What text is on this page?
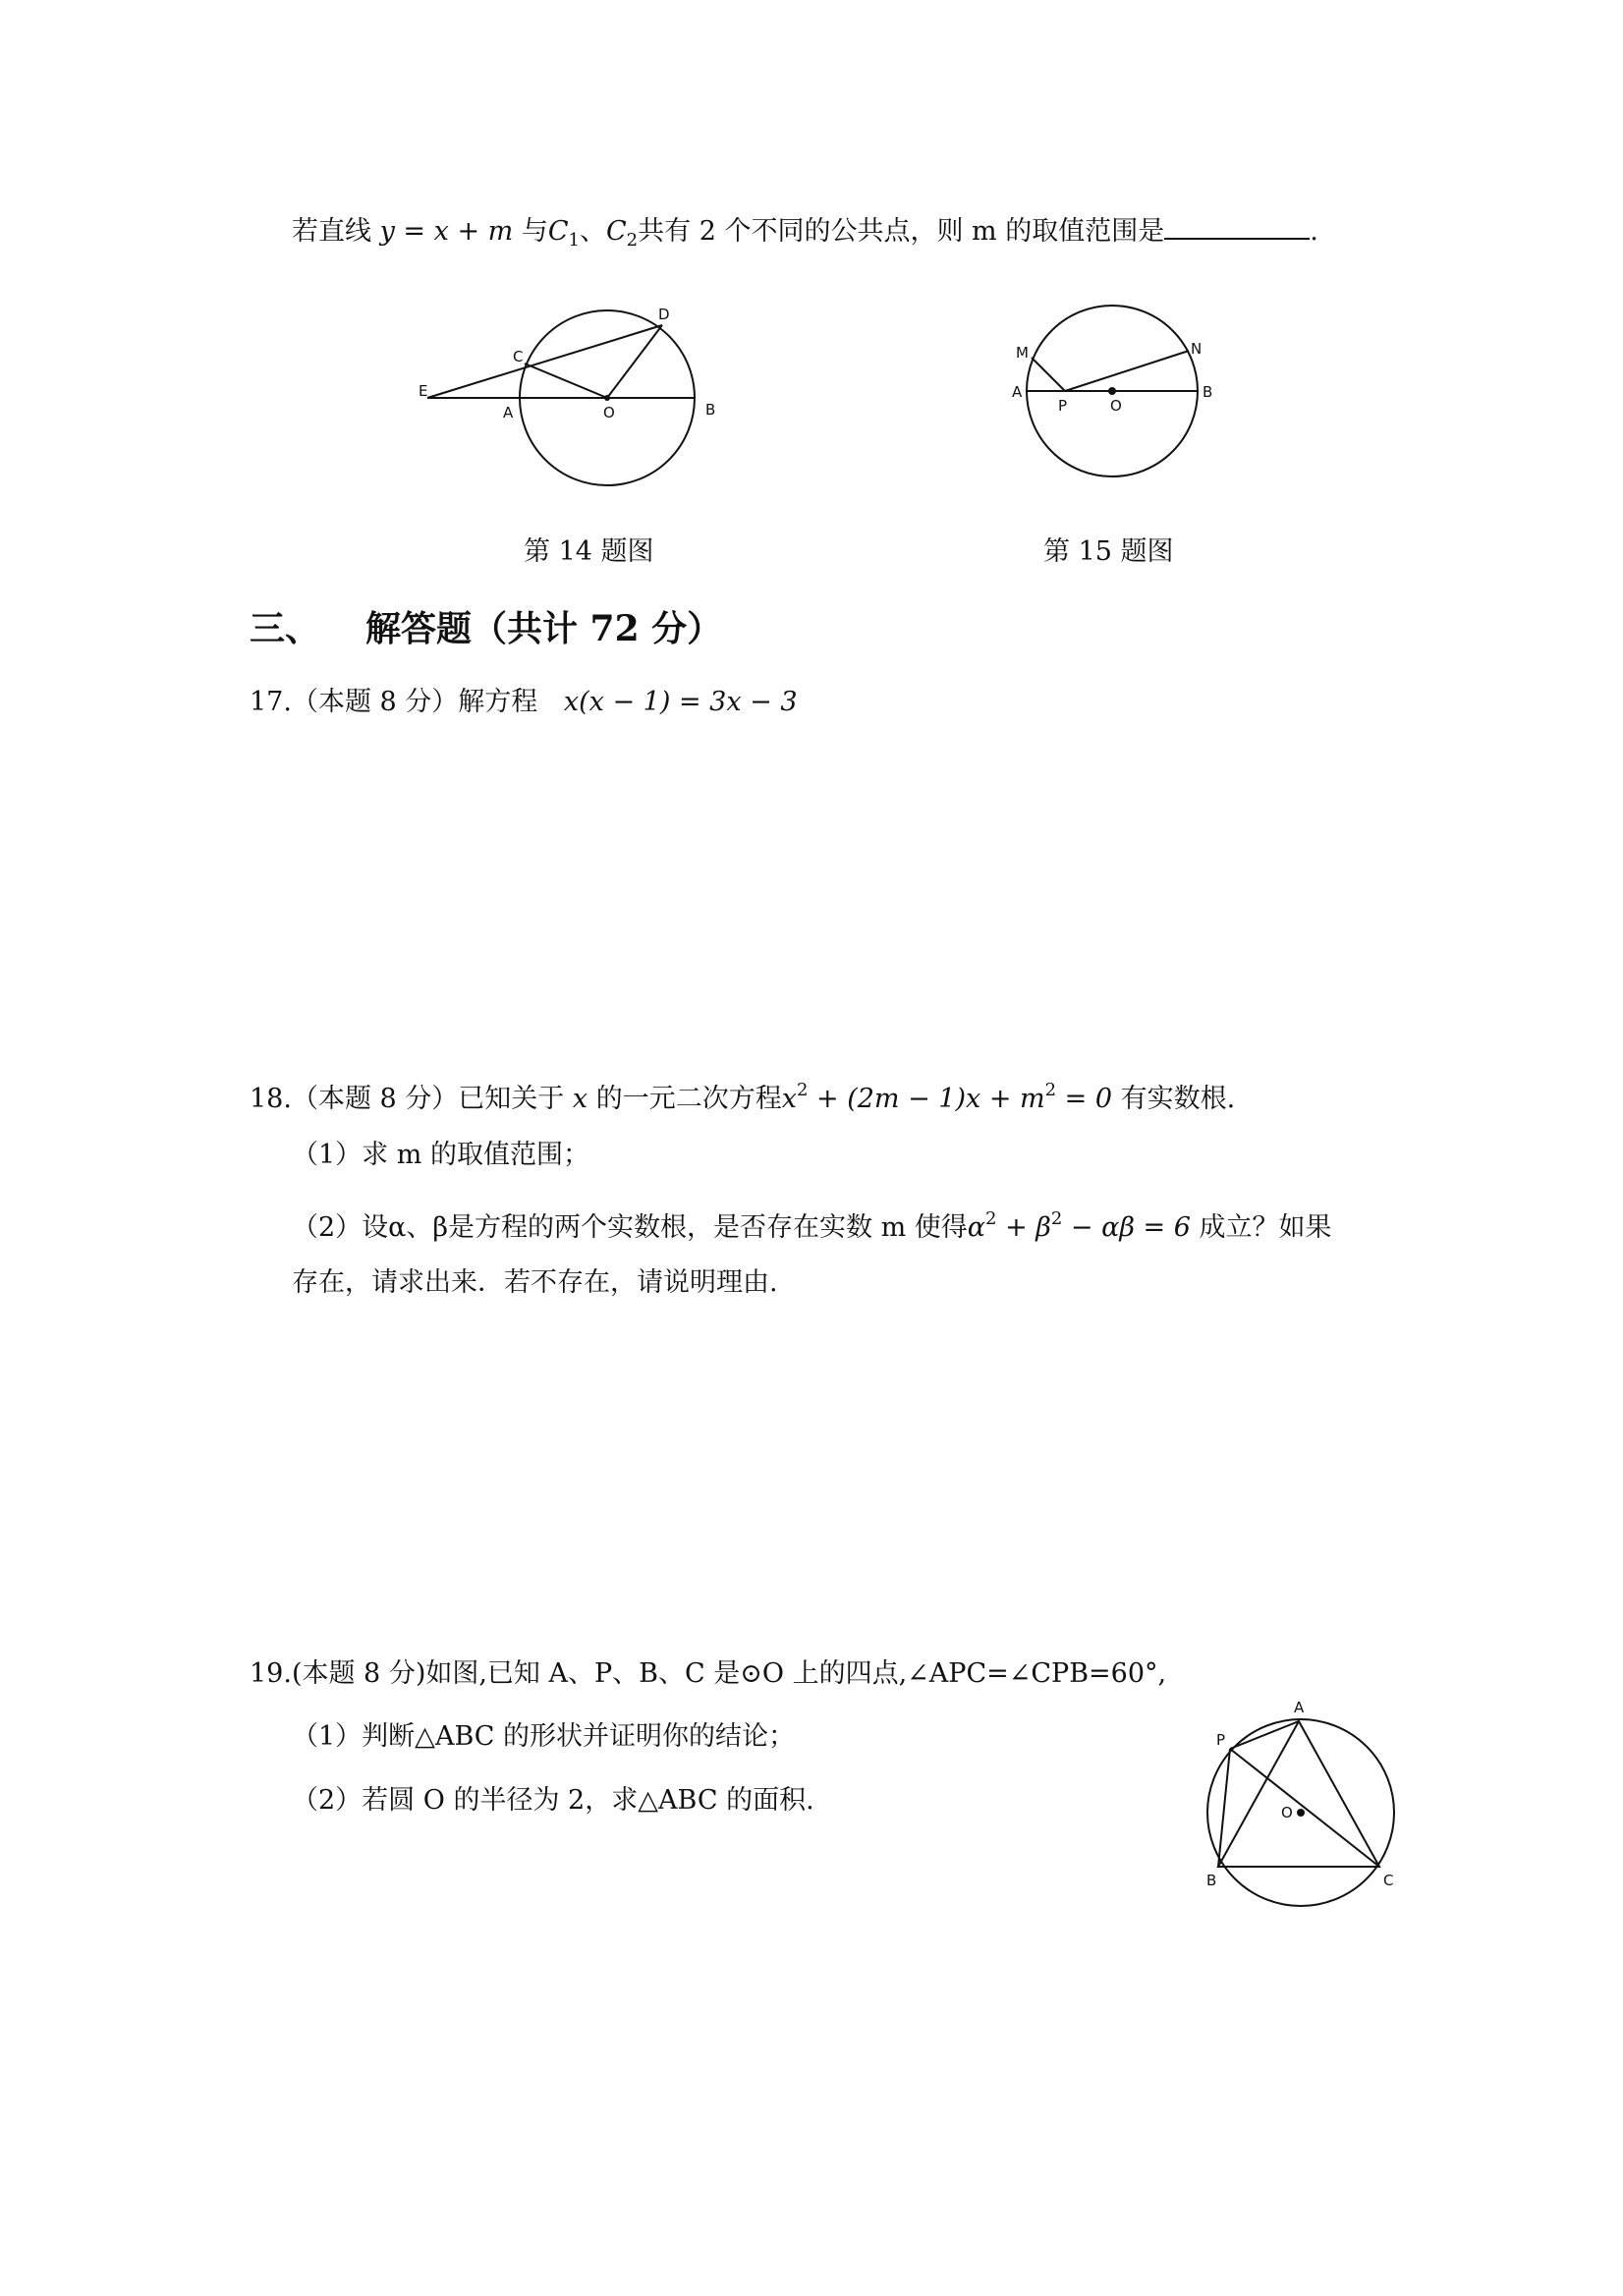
若直线 y = x + m 与$C_1$、$C_2$共有 2 个不同的公共点，则 m 的取值范围是	.
E
A	O	B
C
D
第 14 题图
M	N
A
P	O
B
第 15 题图
三、 解答题（共计 72 分）
17.（本题 8 分）解方程 x(x − 1) = 3x − 3
18.（本题 8 分）已知关于 x 的一元二次方程$x^2 + (2m - 1)x + m^2 = 0$ 有实数根.
（1）求 m 的取值范围；
（2）设α、β是方程的两个实数根，是否存在实数 m 使得$\alpha^2 + \beta^2 - \alpha\beta = 6$ 成立？如果
存在，请求出来．若不存在，请说明理由.
19.(本题 8 分)如图,已知 A、P、B、C 是⊙O 上的四点,∠APC=∠CPB=60°,
（1）判断△ABC 的形状并证明你的结论；
（2）若圆 O 的半径为 2，求△ABC 的面积.
A
P
O
B	C
